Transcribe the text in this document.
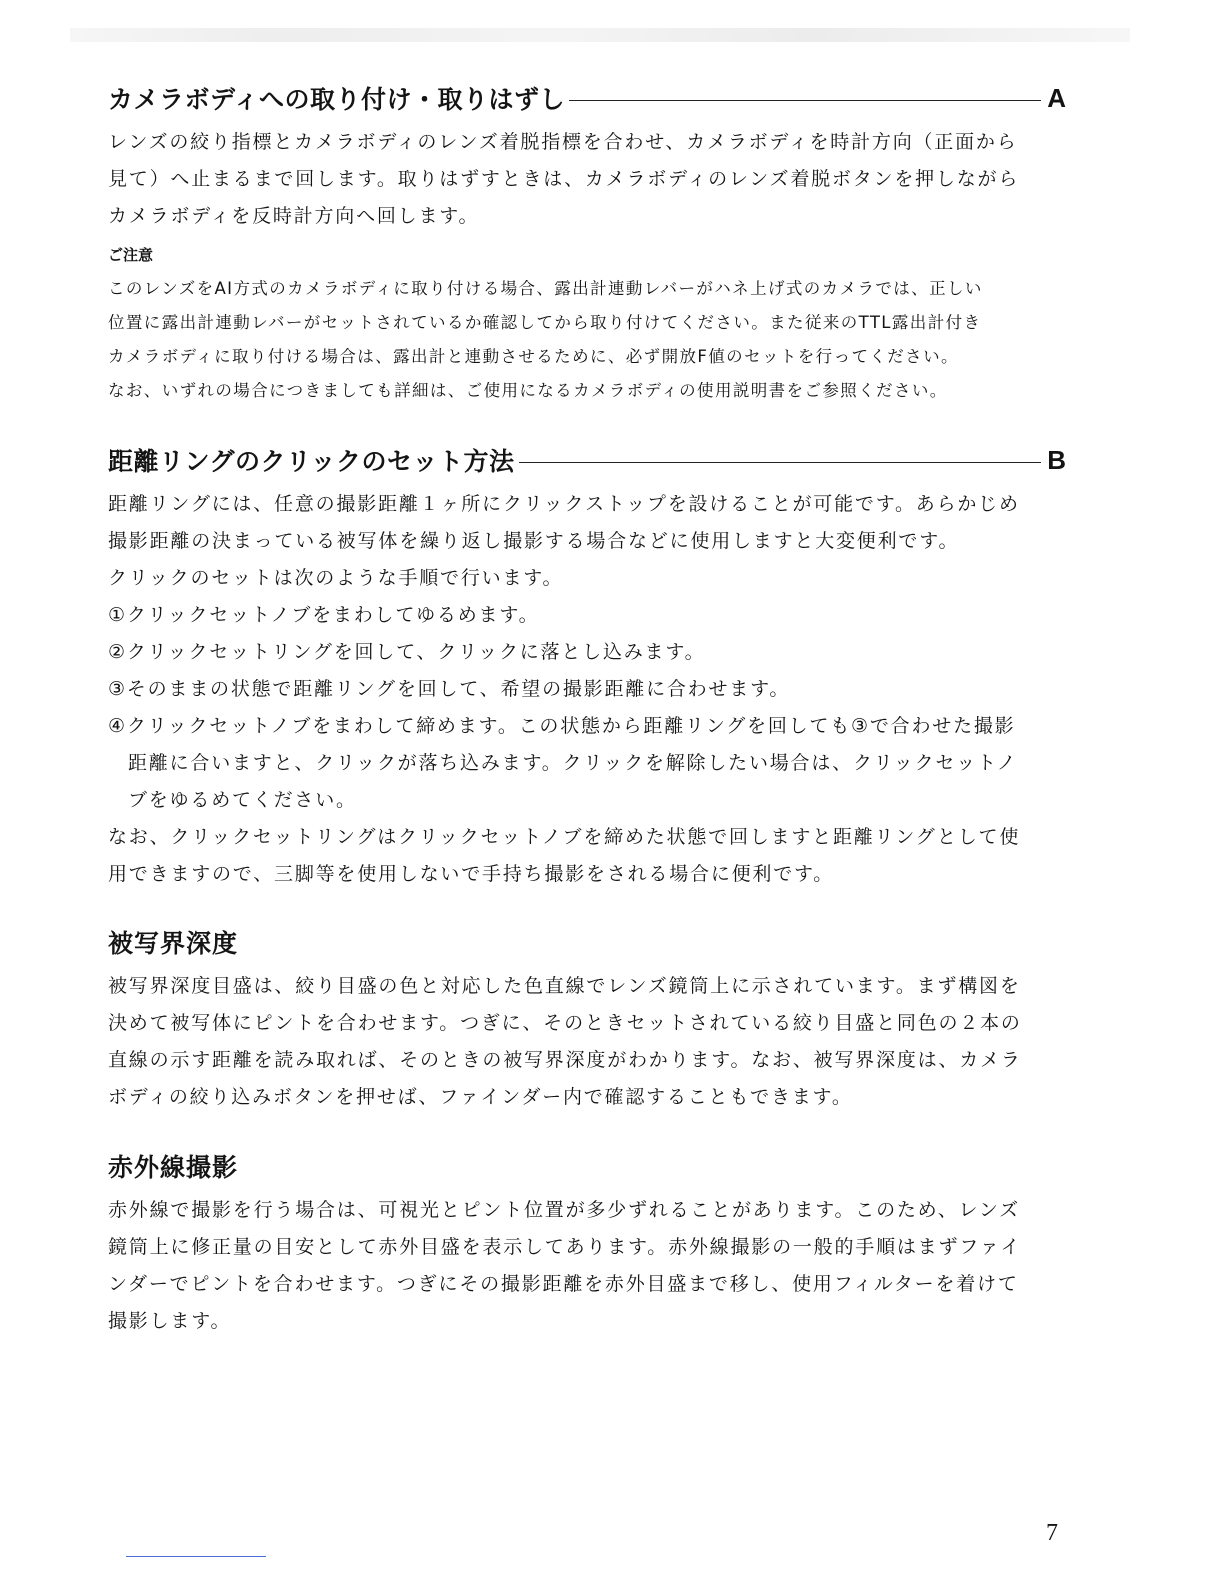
カメラボディへの取り付け・取りはずし	A
レンズの絞り指標とカメラボディのレンズ着脱指標を合わせ、カメラボディを時計方向（正面から
見て）へ止まるまで回します。取りはずすときは、カメラボディのレンズ着脱ボタンを押しながら
カメラボディを反時計方向へ回します。
ご注意
このレンズをAI方式のカメラボディに取り付ける場合、露出計連動レバーがハネ上げ式のカメラでは、正しい
位置に露出計連動レバーがセットされているか確認してから取り付けてください。また従来のTTL露出計付き
カメラボディに取り付ける場合は、露出計と連動させるために、必ず開放F値のセットを行ってください。
なお、いずれの場合につきましても詳細は、ご使用になるカメラボディの使用説明書をご参照ください。
距離リングのクリックのセット方法	B
距離リングには、任意の撮影距離１ヶ所にクリックストップを設けることが可能です。あらかじめ
撮影距離の決まっている被写体を繰り返し撮影する場合などに使用しますと大変便利です。
クリックのセットは次のような手順で行います。
①クリックセットノブをまわしてゆるめます。
②クリックセットリングを回して、クリックに落とし込みます。
③そのままの状態で距離リングを回して、希望の撮影距離に合わせます。
④クリックセットノブをまわして締めます。この状態から距離リングを回しても③で合わせた撮影
距離に合いますと、クリックが落ち込みます。クリックを解除したい場合は、クリックセットノ
ブをゆるめてください。
なお、クリックセットリングはクリックセットノブを締めた状態で回しますと距離リングとして使
用できますので、三脚等を使用しないで手持ち撮影をされる場合に便利です。
被写界深度
被写界深度目盛は、絞り目盛の色と対応した色直線でレンズ鏡筒上に示されています。まず構図を
決めて被写体にピントを合わせます。つぎに、そのときセットされている絞り目盛と同色の２本の
直線の示す距離を読み取れば、そのときの被写界深度がわかります。なお、被写界深度は、カメラ
ボディの絞り込みボタンを押せば、ファインダー内で確認することもできます。
赤外線撮影
赤外線で撮影を行う場合は、可視光とピント位置が多少ずれることがあります。このため、レンズ
鏡筒上に修正量の目安として赤外目盛を表示してあります。赤外線撮影の一般的手順はまずファイ
ンダーでピントを合わせます。つぎにその撮影距離を赤外目盛まで移し、使用フィルターを着けて
撮影します。
7
